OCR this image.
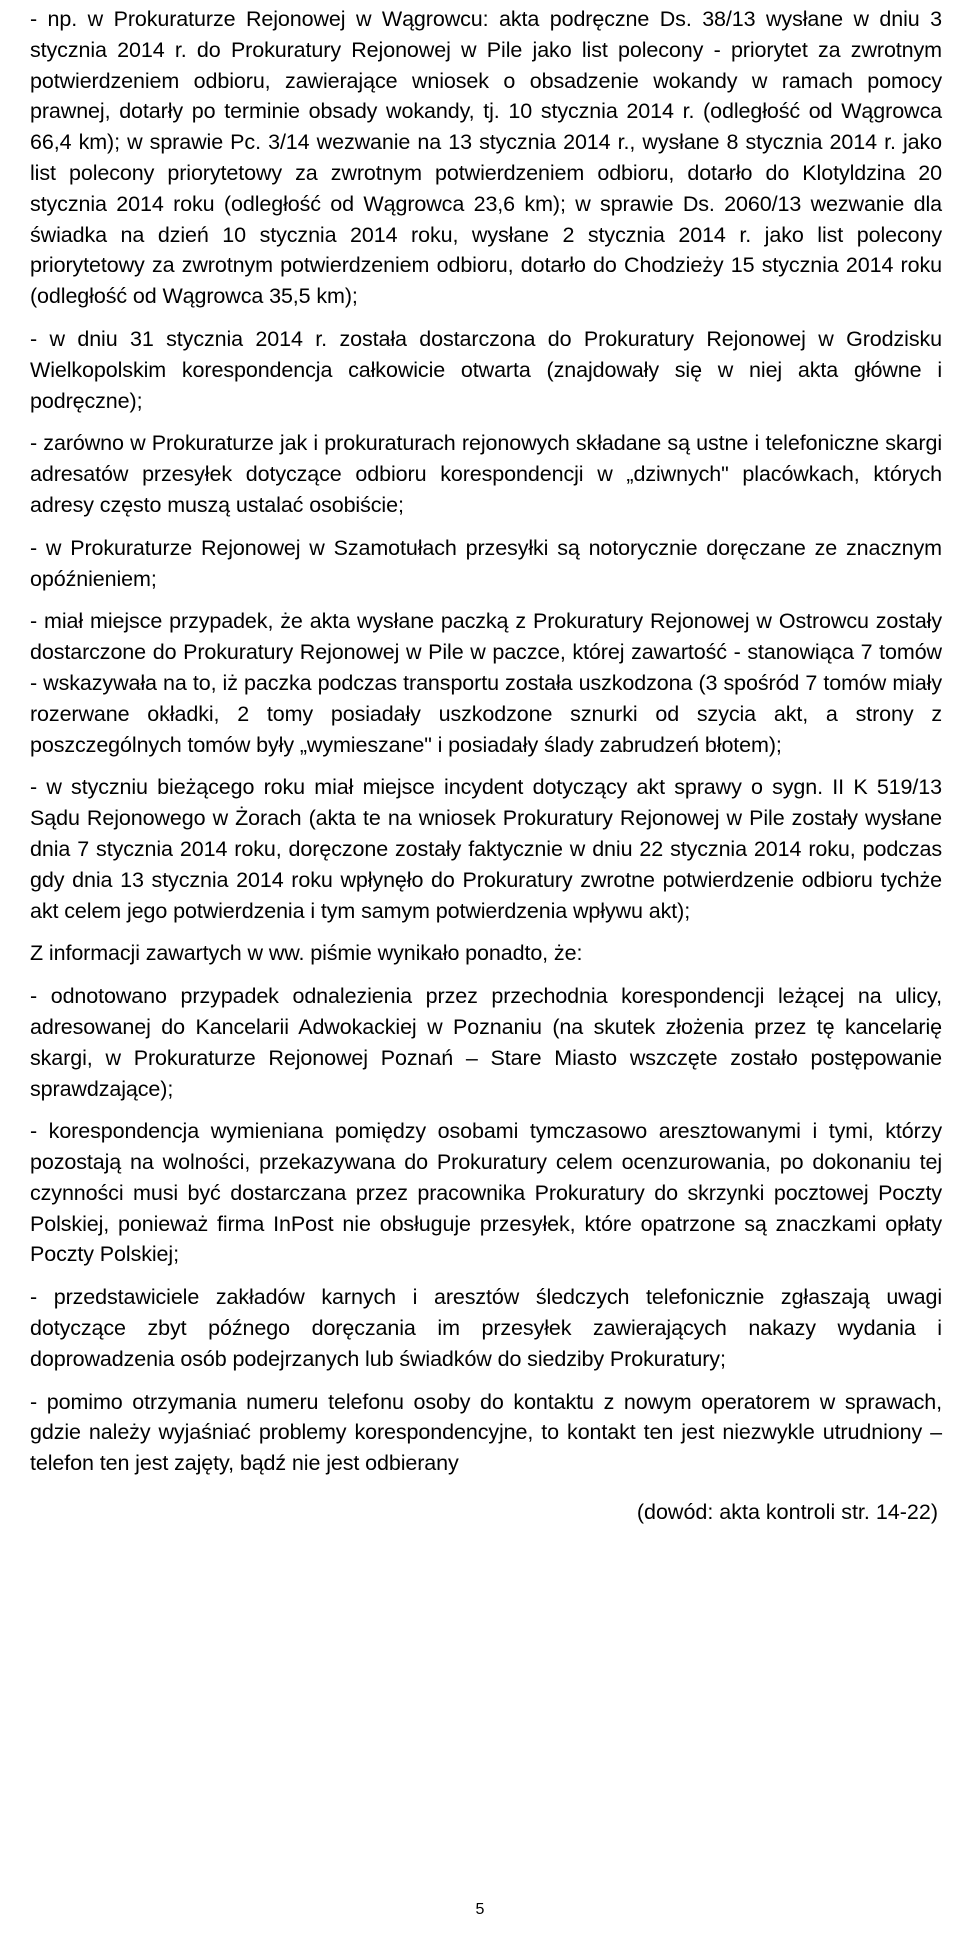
- np. w Prokuraturze Rejonowej w Wągrowcu: akta podręczne Ds. 38/13 wysłane w dniu 3 stycznia 2014 r. do Prokuratury Rejonowej w Pile jako list polecony - priorytet za zwrotnym potwierdzeniem odbioru, zawierające wniosek o obsadzenie wokandy w ramach pomocy prawnej, dotarły po terminie obsady wokandy, tj. 10 stycznia 2014 r. (odległość od Wągrowca 66,4 km); w sprawie Pc. 3/14 wezwanie na 13 stycznia 2014 r., wysłane 8 stycznia 2014 r. jako list polecony priorytetowy za zwrotnym potwierdzeniem odbioru, dotarło do Klotyldzina 20 stycznia 2014 roku (odległość od Wągrowca 23,6 km); w sprawie Ds. 2060/13 wezwanie dla świadka na dzień 10 stycznia 2014 roku, wysłane 2 stycznia 2014 r. jako list polecony priorytetowy za zwrotnym potwierdzeniem odbioru, dotarło do Chodzieży 15 stycznia 2014 roku (odległość od Wągrowca 35,5 km);

- w dniu 31 stycznia 2014 r. została dostarczona do Prokuratury Rejonowej w Grodzisku Wielkopolskim korespondencja całkowicie otwarta (znajdowały się w niej akta główne i podręczne);

- zarówno w Prokuraturze jak i prokuraturach rejonowych składane są ustne i telefoniczne skargi adresatów przesyłek dotyczące odbioru korespondencji w „dziwnych" placówkach, których adresy często muszą ustalać osobiście;

- w Prokuraturze Rejonowej w Szamotułach przesyłki są notorycznie doręczane ze znacznym opóźnieniem;

- miał miejsce przypadek, że akta wysłane paczką z Prokuratury Rejonowej w Ostrowcu zostały dostarczone do Prokuratury Rejonowej w Pile w paczce, której zawartość - stanowiąca 7 tomów - wskazywała na to, iż paczka podczas transportu została uszkodzona (3 spośród 7 tomów miały rozerwane okładki, 2 tomy posiadały uszkodzone sznurki od szycia akt, a strony z poszczególnych tomów były „wymieszane" i posiadały ślady zabrudzeń błotem);

- w styczniu bieżącego roku miał miejsce incydent dotyczący akt sprawy o sygn. II K 519/13 Sądu Rejonowego w Żorach (akta te na wniosek Prokuratury Rejonowej w Pile zostały wysłane dnia 7 stycznia 2014 roku, doręczone zostały faktycznie w dniu 22 stycznia 2014 roku, podczas gdy dnia 13 stycznia 2014 roku wpłynęło do Prokuratury zwrotne potwierdzenie odbioru tychże akt celem jego potwierdzenia i tym samym potwierdzenia wpływu akt);

Z informacji zawartych w ww. piśmie wynikało ponadto, że:

- odnotowano przypadek odnalezienia przez przechodnia korespondencji leżącej na ulicy, adresowanej do Kancelarii Adwokackiej w Poznaniu (na skutek złożenia przez tę kancelarię skargi, w Prokuraturze Rejonowej Poznań – Stare Miasto wszczęte zostało postępowanie sprawdzające);

- korespondencja wymieniana pomiędzy osobami tymczasowo aresztowanymi i tymi, którzy pozostają na wolności, przekazywana do Prokuratury celem ocenzurowania, po dokonaniu tej czynności musi być dostarczana przez pracownika Prokuratury do skrzynki pocztowej Poczty Polskiej, ponieważ firma InPost nie obsługuje przesyłek, które opatrzone są znaczkami opłaty Poczty Polskiej;

- przedstawiciele zakładów karnych i aresztów śledczych telefonicznie zgłaszają uwagi dotyczące zbyt późnego doręczania im przesyłek zawierających nakazy wydania i doprowadzenia osób podejrzanych lub świadków do siedziby Prokuratury;

- pomimo otrzymania numeru telefonu osoby do kontaktu z nowym operatorem w sprawach, gdzie należy wyjaśniać problemy korespondencyjne, to kontakt ten jest niezwykle utrudniony – telefon ten jest zajęty, bądź nie jest odbierany

(dowód: akta kontroli str. 14-22)
5
